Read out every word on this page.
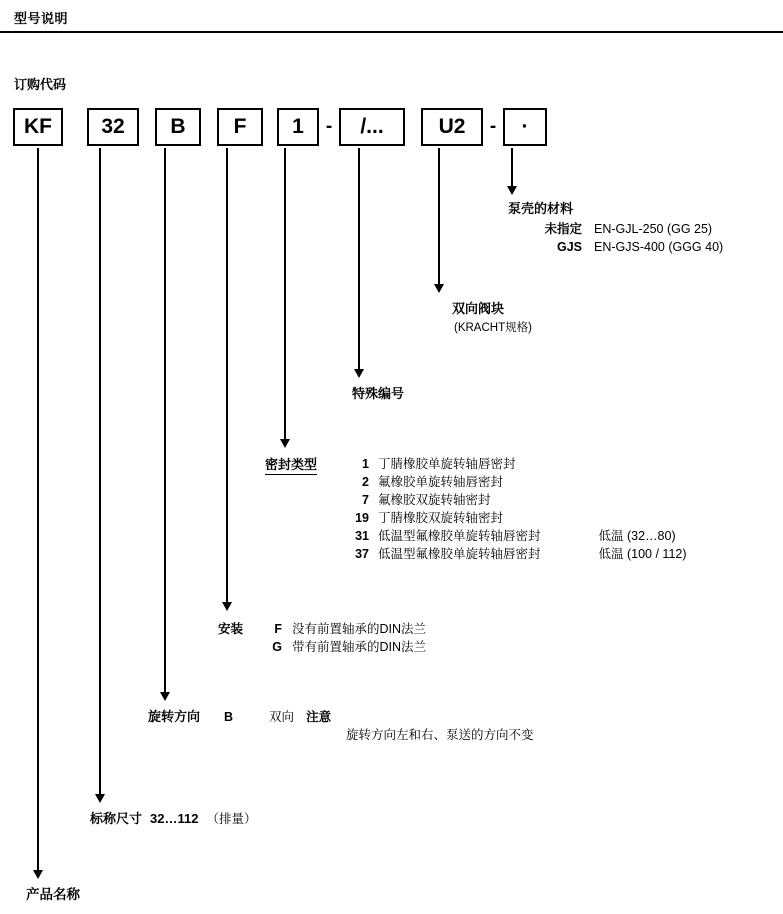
型号说明
订购代码
KF	32	B	F	1	-	/...	U2	-	·
泵壳的材料
未指定 EN-GJL-250 (GG 25)
GJS EN-GJS-400 (GGG 40)
双向阀块
(KRACHT规格)
特殊编号
密封类型	1 丁腈橡胶单旋转轴唇密封
2 氟橡胶单旋转轴唇密封
7 氟橡胶双旋转轴密封
19 丁腈橡胶双旋转轴密封
31 低温型氟橡胶单旋转轴唇密封	低温 (32…80)
37 低温型氟橡胶单旋转轴唇密封	低温 (100 / 112)
安装	F 没有前置轴承的DIN法兰
G 带有前置轴承的DIN法兰
旋转方向 B	双向 注意
旋转方向左和右、泵送的方向不变
标称尺寸 32…112 （排量）
产品名称
